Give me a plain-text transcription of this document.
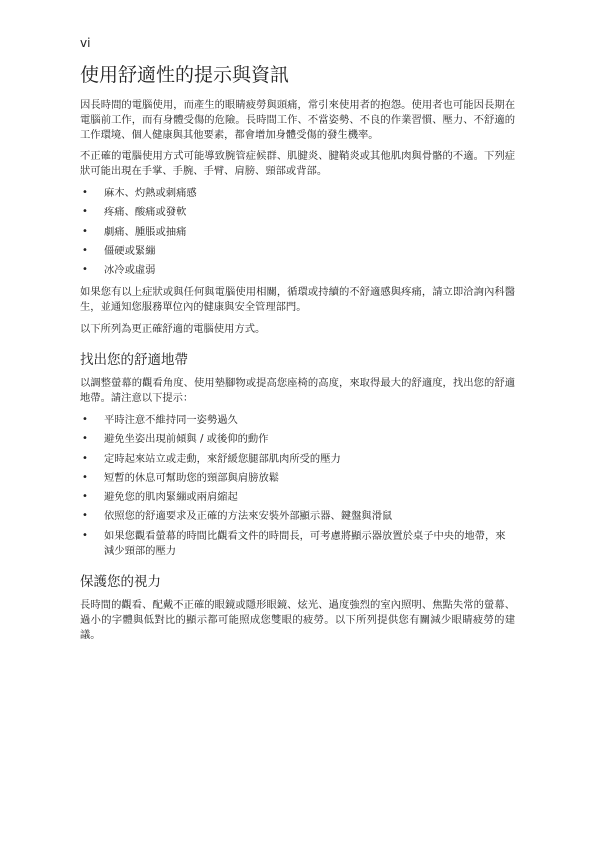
vi
使用舒適性的提示與資訊

因長時間的電腦使用，而產生的眼睛疲勞與頭痛，常引來使用者的抱怨。使用者也可能因長期在電腦前工作，而有身體受傷的危險。長時間工作、不當姿勢、不良的作業習慣、壓力、不舒適的工作環境、個人健康與其他要素，都會增加身體受傷的發生機率。

不正確的電腦使用方式可能導致腕管症候群、肌腱炎、腱鞘炎或其他肌肉與骨骼的不適。下列症狀可能出現在手掌、手腕、手臂、肩膀、頸部或背部。

• 麻木、灼熱或刺痛感
• 疼痛、酸痛或發軟
• 劇痛、腫脹或抽痛
• 僵硬或緊繃
• 冰冷或虛弱

如果您有以上症狀或與任何與電腦使用相關，循環或持續的不舒適感與疼痛，請立即洽詢內科醫生，並通知您服務單位內的健康與安全管理部門。

以下所列為更正確舒適的電腦使用方式。

找出您的舒適地帶

以調整螢幕的觀看角度、使用墊腳物或提高您座椅的高度，來取得最大的舒適度，找出您的舒適地帶。請注意以下提示：

• 平時注意不維持同一姿勢過久
• 避免坐姿出現前傾與 / 或後仰的動作
• 定時起來站立或走動，來舒緩您腿部肌肉所受的壓力
• 短暫的休息可幫助您的頸部與肩膀放鬆
• 避免您的肌肉緊繃或兩肩縮起
• 依照您的舒適要求及正確的方法來安裝外部顯示器、鍵盤與滑鼠
• 如果您觀看螢幕的時間比觀看文件的時間長，可考慮將顯示器放置於桌子中央的地帶，來減少頸部的壓力
保護您的視力

長時間的觀看、配戴不正確的眼鏡或隱形眼鏡、炫光、過度強烈的室內照明、焦點失常的螢幕、過小的字體與低對比的顯示都可能照成您雙眼的疲勞。以下所列提供您有關減少眼睛疲勞的建議。
